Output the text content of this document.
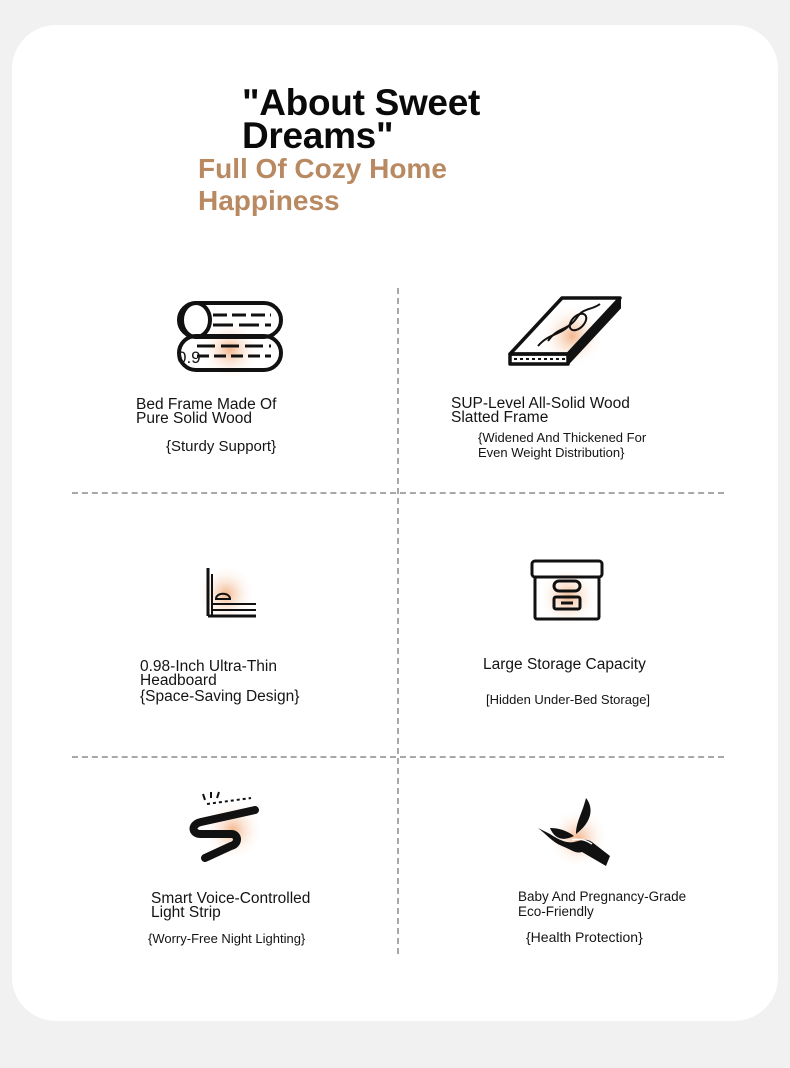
"About Sweet Dreams"
Full Of Cozy Home Happiness
0.9
Bed Frame Made Of Pure Solid Wood
{Sturdy Support}
SUP-Level All-Solid Wood Slatted Frame
{Widened And Thickened For Even Weight Distribution}
0.98-Inch Ultra-Thin Headboard
{Space-Saving Design}
Large Storage Capacity
[Hidden Under-Bed Storage]
Smart Voice-Controlled Light Strip
{Worry-Free Night Lighting}
Baby And Pregnancy-Grade Eco-Friendly
{Health Protection}
